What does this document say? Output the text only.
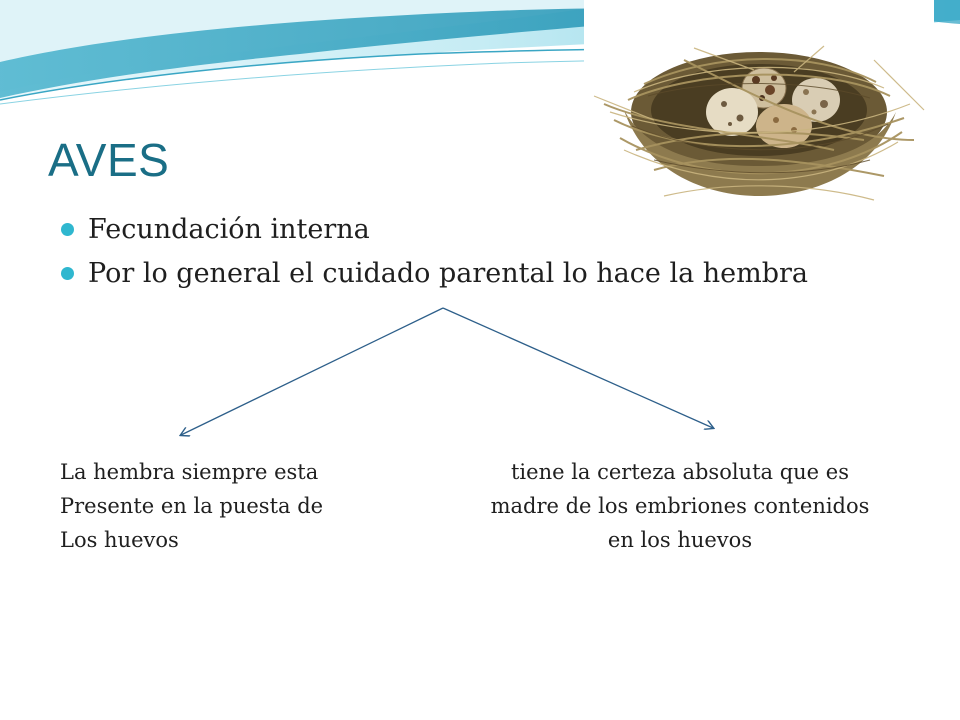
AVES
Fecundación interna
Por lo general el cuidado parental lo hace la hembra
La hembra siempre esta
Presente en la puesta de
Los huevos
tiene la certeza absoluta que es
madre de los embriones contenidos
en los huevos
